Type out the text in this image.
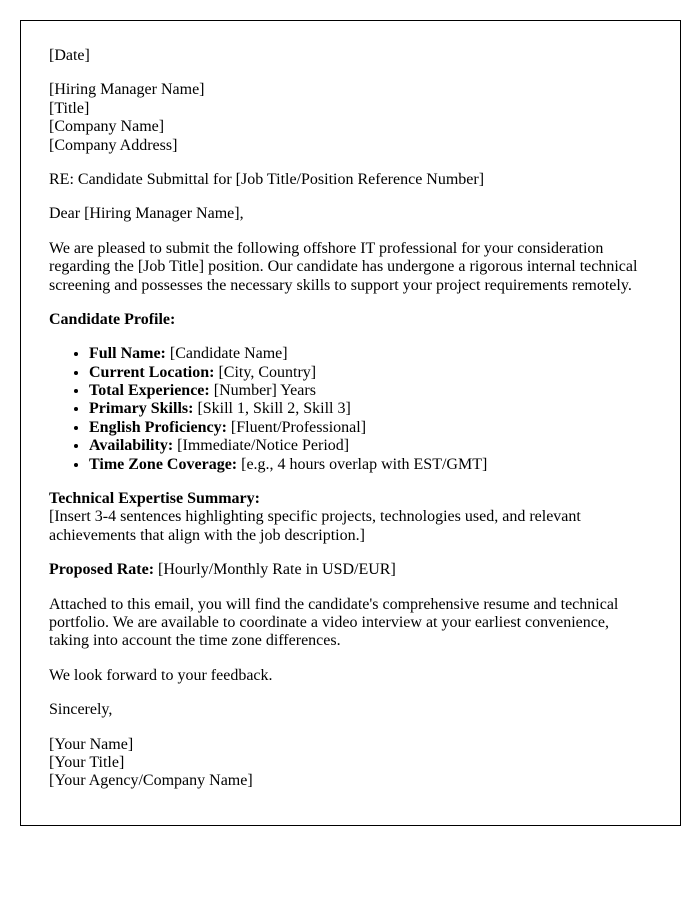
[Date]

[Hiring Manager Name]
[Title]
[Company Name]
[Company Address]

RE: Candidate Submittal for [Job Title/Position Reference Number]

Dear [Hiring Manager Name],

We are pleased to submit the following offshore IT professional for your consideration regarding the [Job Title] position. Our candidate has undergone a rigorous internal technical screening and possesses the necessary skills to support your project requirements remotely.

Candidate Profile:

• Full Name: [Candidate Name]
• Current Location: [City, Country]
• Total Experience: [Number] Years
• Primary Skills: [Skill 1, Skill 2, Skill 3]
• English Proficiency: [Fluent/Professional]
• Availability: [Immediate/Notice Period]
• Time Zone Coverage: [e.g., 4 hours overlap with EST/GMT]

Technical Expertise Summary:
[Insert 3-4 sentences highlighting specific projects, technologies used, and relevant achievements that align with the job description.]

Proposed Rate: [Hourly/Monthly Rate in USD/EUR]

Attached to this email, you will find the candidate's comprehensive resume and technical portfolio. We are available to coordinate a video interview at your earliest convenience, taking into account the time zone differences.

We look forward to your feedback.

Sincerely,

[Your Name]
[Your Title]
[Your Agency/Company Name]
